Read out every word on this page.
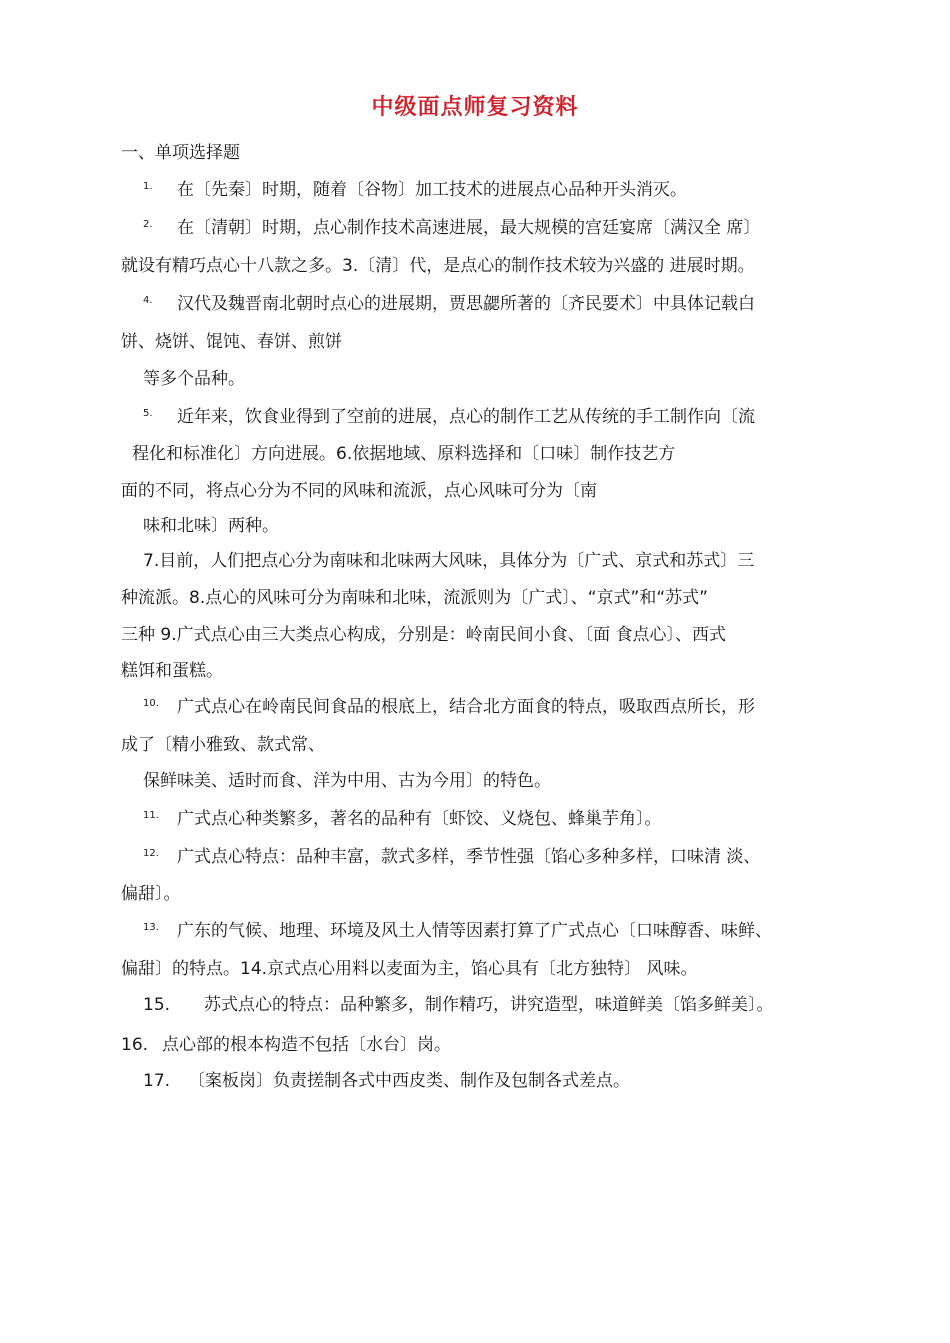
中级面点师复习资料
一、单项选择题
1. 在〔先秦〕时期，随着〔谷物〕加工技术的进展点心品种开头消灭。
2. 在〔清朝〕时期，点心制作技术高速进展，最大规模的宫廷宴席〔满汉全 席〕
就设有精巧点心十八款之多。3.〔清〕代，是点心的制作技术较为兴盛的 进展时期。
4. 汉代及魏晋南北朝时点心的进展期，贾思勰所著的〔齐民要术〕中具体记载白
饼、烧饼、馄饨、春饼、煎饼
等多个品种。
5. 近年来，饮食业得到了空前的进展，点心的制作工艺从传统的手工制作向〔流
程化和标准化〕方向进展。6.依据地域、原料选择和〔口味〕制作技艺方
面的不同，将点心分为不同的风味和流派，点心风味可分为〔南
味和北味〕两种。
7.目前，人们把点心分为南味和北味两大风味，具体分为〔广式、京式和苏式〕三
种流派。8.点心的风味可分为南味和北味，流派则为〔广式〕、“京式”和“苏式”
三种 9.广式点心由三大类点心构成，分别是：岭南民间小食、〔面 食点心〕、西式
糕饵和蛋糕。
10. 广式点心在岭南民间食品的根底上，结合北方面食的特点，吸取西点所长，形
成了〔精小雅致、款式常、
保鲜味美、适时而食、洋为中用、古为今用〕的特色。
11. 广式点心种类繁多，著名的品种有〔虾饺、义烧包、蜂巢芋角〕。
12. 广式点心特点：品种丰富，款式多样，季节性强〔馅心多种多样，口味清 淡、
偏甜〕。
13. 广东的气候、地理、环境及风土人情等因素打算了广式点心〔口味醇香、味鲜、
偏甜〕的特点。14.京式点心用料以麦面为主，馅心具有〔北方独特〕 风味。
15. 苏式点心的特点：品种繁多，制作精巧，讲究造型，味道鲜美〔馅多鲜美〕。
16. 点心部的根本构造不包括〔水台〕岗。
17. 〔案板岗〕负责搓制各式中西皮类、制作及包制各式差点。
